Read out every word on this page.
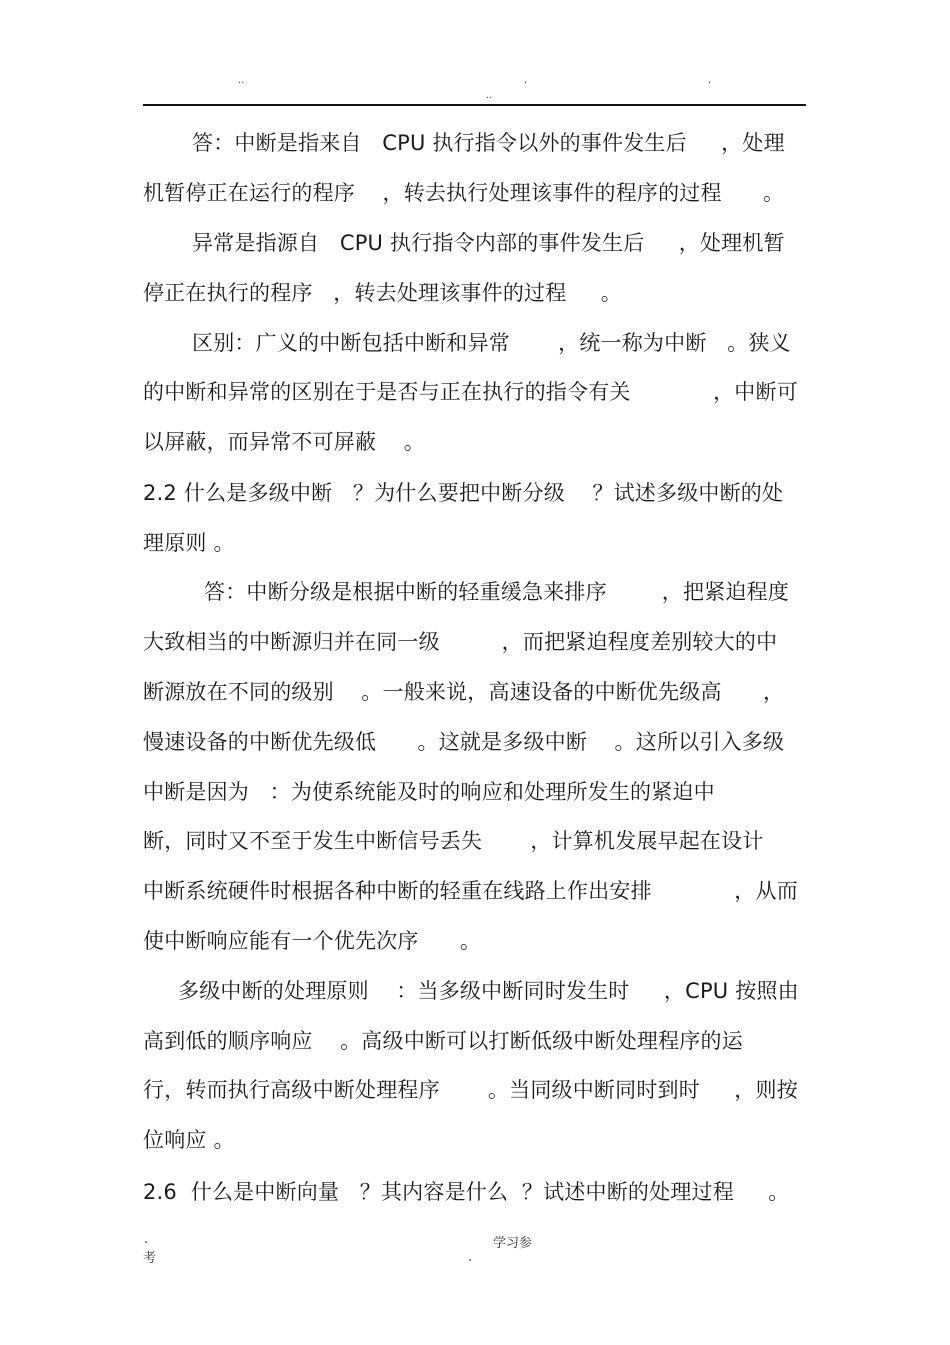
..	.
..
.
答：中断是指来自   CPU 执行指令以外的事件发生后     ，处理
机暂停正在运行的程序    ，转去执行处理该事件的程序的过程      。
异常是指源自   CPU 执行指令内部的事件发生后     ，处理机暂
停正在执行的程序   ，转去处理该事件的过程     。
区别：广义的中断包括中断和异常       ，统一称为中断   。狭义
的中断和异常的区别在于是否与正在执行的指令有关            ，中断可
以屏蔽，而异常不可屏蔽    。
2.2 什么是多级中断   ？为什么要把中断分级    ？试述多级中断的处
理原则 。
答：中断分级是根据中断的轻重缓急来排序        ，把紧迫程度
大致相当的中断源归并在同一级         ，而把紧迫程度差别较大的中
断源放在不同的级别    。一般来说，高速设备的中断优先级高      ，
慢速设备的中断优先级低      。这就是多级中断    。这所以引入多级
中断是因为   ：为使系统能及时的响应和处理所发生的紧迫中
断，同时又不至于发生中断信号丢失       ，计算机发展早起在设计
中断系统硬件时根据各种中断的轻重在线路上作出安排            ，从而
使中断响应能有一个优先次序      。
多级中断的处理原则    ：当多级中断同时发生时     ，CPU 按照由
高到低的顺序响应    。高级中断可以打断低级中断处理程序的运
行，转而执行高级中断处理程序       。当同级中断同时到时     ，则按
位响应 。
2.6  什么是中断向量   ？其内容是什么  ？试述中断的处理过程     。
.
考
学习参
.
